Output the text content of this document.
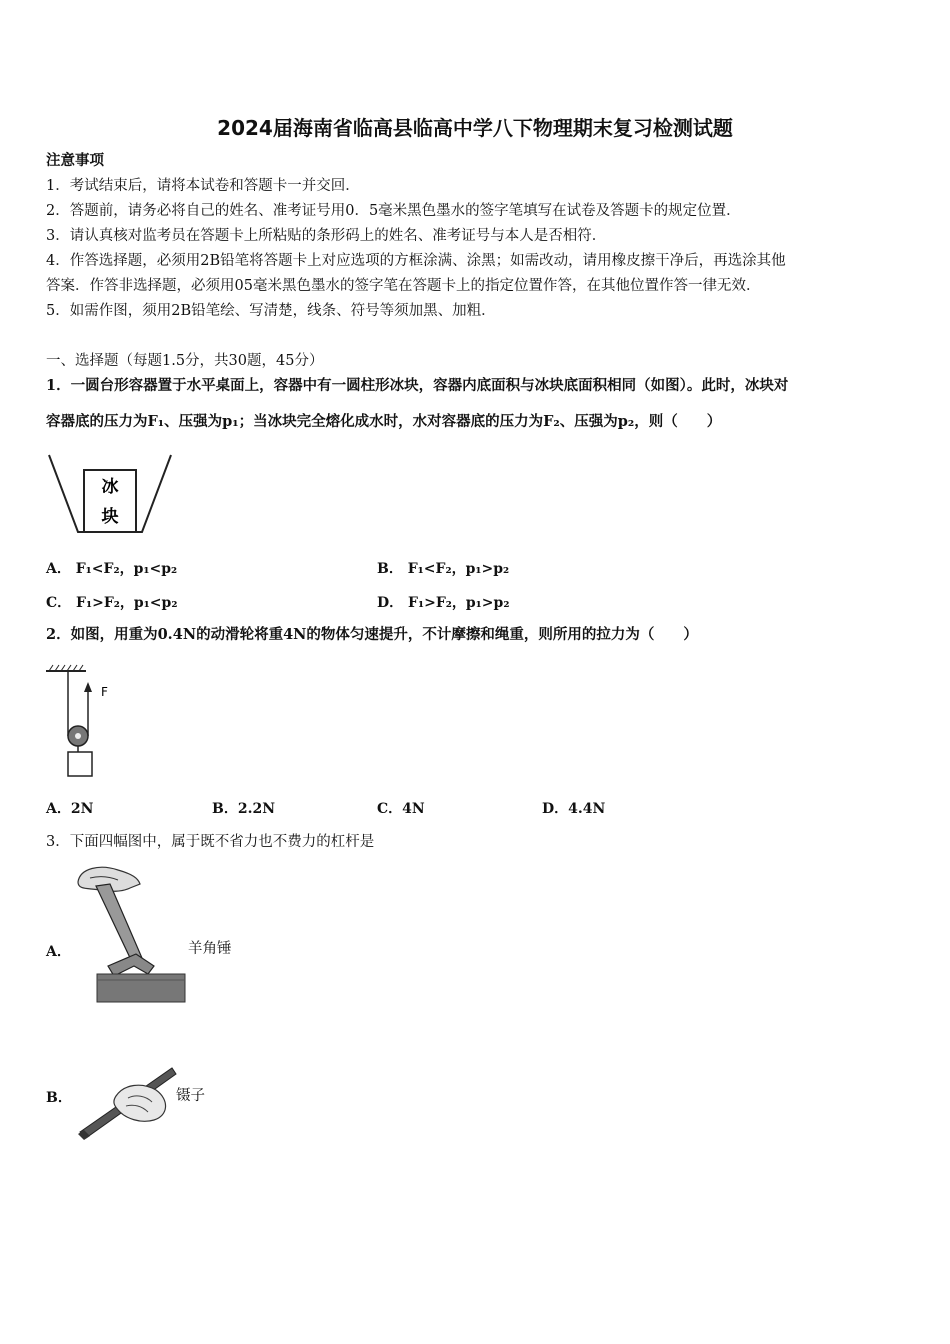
2024届海南省临高县临高中学八下物理期末复习检测试题
注意事项
1．考试结束后，请将本试卷和答题卡一并交回．
2．答题前，请务必将自己的姓名、准考证号用0．5毫米黑色墨水的签字笔填写在试卷及答题卡的规定位置．
3．请认真核对监考员在答题卡上所粘贴的条形码上的姓名、准考证号与本人是否相符．
4．作答选择题，必须用2B铅笔将答题卡上对应选项的方框涂满、涂黑；如需改动，请用橡皮擦干净后，再选涂其他
答案．作答非选择题，必须用05毫米黑色墨水的签字笔在答题卡上的指定位置作答，在其他位置作答一律无效．
5．如需作图，须用2B铅笔绘、写清楚，线条、符号等须加黑、加粗．
一、选择题（每题1.5分，共30题，45分）
1．一圆台形容器置于水平桌面上，容器中有一圆柱形冰块，容器内底面积与冰块底面积相同（如图）。此时，冰块对
容器底的压力为F₁、压强为p₁；当冰块完全熔化成水时，水对容器底的压力为F₂、压强为p₂，则（　　）
冰
块
A． F₁<F₂，p₁<p₂	B． F₁<F₂，p₁>p₂
C． F₁>F₂，p₁<p₂	D． F₁>F₂，p₁>p₂
2．如图，用重为0.4N的动滑轮将重4N的物体匀速提升，不计摩擦和绳重，则所用的拉力为（　　）
F
A．2N	B．2.2N	C．4N	D．4.4N
3．下面四幅图中，属于既不省力也不费力的杠杆是
A．	羊角锤
B．	镊子
